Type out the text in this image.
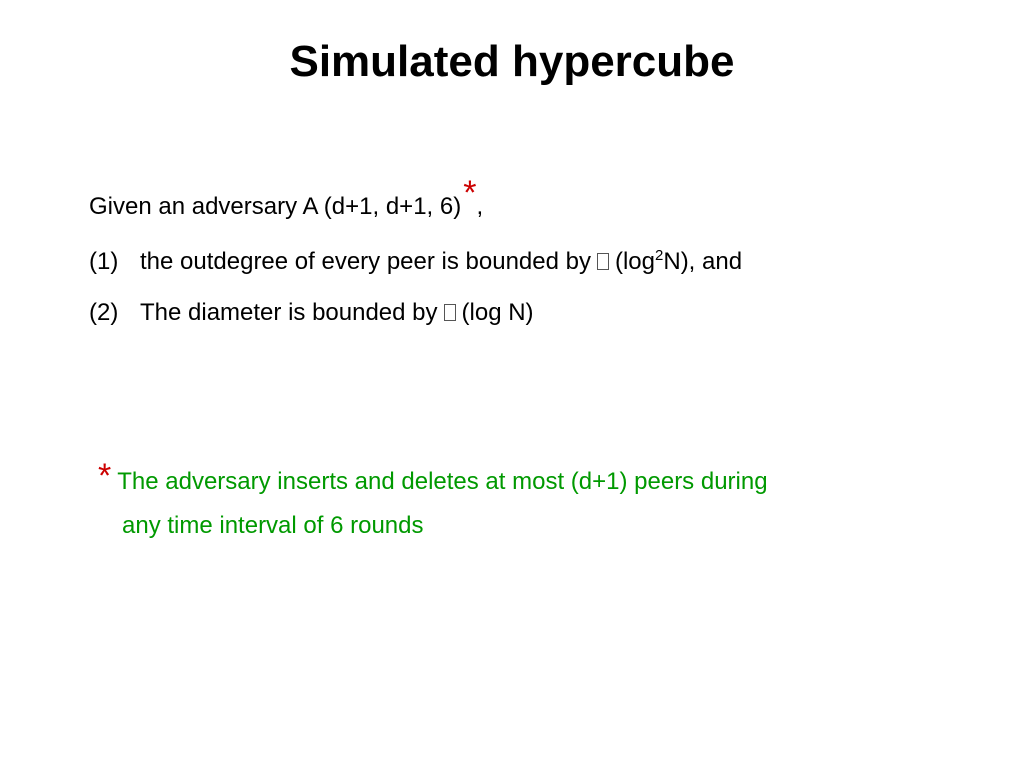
Simulated hypercube
Given an adversary A (d+1, d+1, 6)*,
(1) the outdegree of every peer is bounded by $(\log^2N)$, and
(2) The diameter is bounded by (log N)
* The adversary inserts and deletes at most (d+1) peers during
any time interval of 6 rounds
